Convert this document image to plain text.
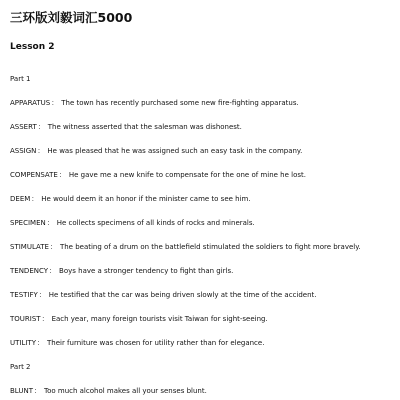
三环版刘毅词汇5000
Lesson 2
Part 1
APPARATUS： The town has recently purchased some new fire-fighting apparatus.
ASSERT： The witness asserted that the salesman was dishonest.
ASSIGN： He was pleased that he was assigned such an easy task in the company.
COMPENSATE： He gave me a new knife to compensate for the one of mine he lost.
DEEM： He would deem it an honor if the minister came to see him.
SPECIMEN： He collects specimens of all kinds of rocks and minerals.
STIMULATE： The beating of a drum on the battlefield stimulated the soldiers to fight more bravely.
TENDENCY： Boys have a stronger tendency to fight than girls.
TESTIFY： He testified that the car was being driven slowly at the time of the accident.
TOURIST： Each year, many foreign tourists visit Taiwan for sight-seeing.
UTILITY： Their furniture was chosen for utility rather than for elegance.
Part 2
BLUNT： Too much alcohol makes all your senses blunt.
